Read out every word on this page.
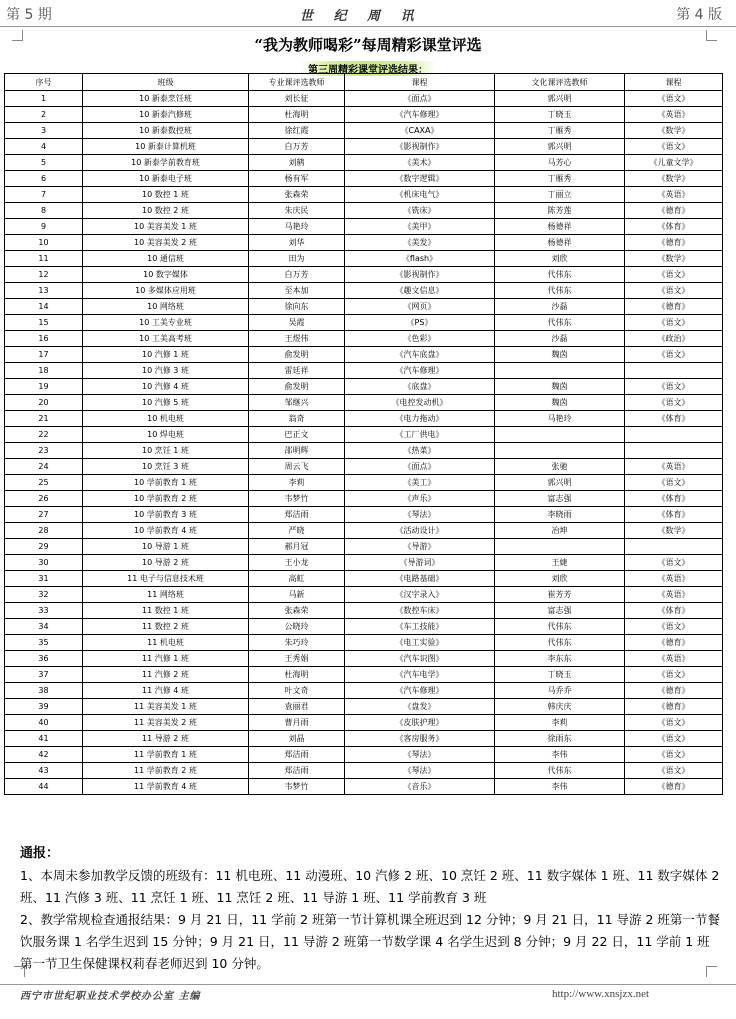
第 5 期	世 纪 周 讯	第 4 版
“我为教师喝彩”每周精彩课堂评选
第三周精彩课堂评选结果：
序号	班级	专业课评选教师	课程	文化课评选教师	课程
1	10 新泰烹饪班	刘长征	《面点》	郭兴明	《语文》
2	10 新泰汽修班	杜海明	《汽车修理》	丁晓玉	《英语》
3	10 新泰数控班	徐红霞	《CAXA》	丁雁秀	《数学》
4	10 新泰计算机班	白万芳	《影视制作》	郭兴明	《语文》
5	10 新泰学前教育班	刘鹤	《美术》	马芳心	《儿童文学》
6	10 新泰电子班	杨有军	《数字逻辑》	丁雁秀	《数学》
7	10 数控 1 班	张森荣	《机床电气》	丁丽立	《英语》
8	10 数控 2 班	朱庆民	《铣床》	陈芳莲	《德育》
9	10 美容美发 1 班	马艳玲	《美甲》	杨德祥	《体育》
10	10 美容美发 2 班	刘华	《美发》	杨德祥	《德育》
11	10 通信班	田为	《flash》	刘欣	《数学》
12	10 数字媒体	白万芳	《影视制作》	代伟东	《语文》
13	10 多媒体应用班	至本加	《趣文信息》	代伟东	《语文》
14	10 网络班	徐向东	《网页》	沙磊	《德育》
15	10 工美专业班	吴霞	《PS》	代伟东	《语文》
16	10 工美高考班	王煜伟	《色彩》	沙磊	《政治》
17	10 汽修 1 班	俞发明	《汽车底盘》	魏茵	《语文》
18	10 汽修 3 班	雷廷祥	《汽车修理》		
19	10 汽修 4 班	俞发明	《底盘》	魏茵	《语文》
20	10 汽修 5 班	邹继兴	《电控发动机》	魏茵	《语文》
21	10 机电班	翁奇	《电力拖动》	马艳玲	《体育》
22	10 焊电班	巴正文	《工厂供电》		
23	10 烹饪 1 班	邵明辉	《热菜》		
24	10 烹饪 3 班	周云飞	《面点》	张驰	《英语》
25	10 学前教育 1 班	李莉	《美工》	郭兴明	《语文》
26	10 学前教育 2 班	韦梦竹	《声乐》	富志强	《体育》
27	10 学前教育 3 班	郑洁雨	《琴法》	李晓雨	《体育》
28	10 学前教育 4 班	严晓	《活动设计》	冶坤	《数学》
29	10 导游 1 班	郝月冠	《导游》		
30	10 导游 2 班	王小龙	《导游词》	王婕	《语文》
31	11 电子与信息技术班	高虹	《电路基础》	刘欣	《英语》
32	11 网络班	马新	《汉字录入》	崔芳芳	《英语》
33	11 数控 1 班	张森荣	《数控车床》	富志强	《体育》
34	11 数控 2 班	公晓玲	《车工技能》	代伟东	《语文》
35	11 机电班	朱巧玲	《电工实验》	代伟东	《德育》
36	11 汽修 1 班	王秀娟	《汽车识图》	李东东	《英语》
37	11 汽修 2 班	杜海明	《汽车电学》	丁晓玉	《语文》
38	11 汽修 4 班	叶文奇	《汽车修理》	马乔乔	《德育》
39	11 美容美发 1 班	袁丽君	《盘发》	韩庆庆	《德育》
40	11 美容美发 2 班	曹月雨	《皮肤护理》	李莉	《语文》
41	11 导游 2 班	刘晶	《客房服务》	徐雨东	《语文》
42	11 学前教育 1 班	郑洁雨	《琴法》	李伟	《语文》
43	11 学前教育 2 班	郑洁雨	《琴法》	代伟东	《语文》
44	11 学前教育 4 班	韦梦竹	《音乐》	李伟	《德育》
通报：

1、本周未参加教学反馈的班级有：11 机电班、11 动漫班、10 汽修 2 班、10 烹饪 2 班、11 数字媒体 1 班、11 数字媒体 2 班、11 汽修 3 班、11 烹饪 1 班、11 烹饪 2 班、11 导游 1 班、11 学前教育 3 班

2、教学常规检查通报结果：9 月 21 日，11 学前 2 班第一节计算机课全班迟到 12 分钟；9 月 21 日，11 导游 2 班第一节餐饮服务课 1 名学生迟到 15 分钟；9 月 21 日，11 导游 2 班第一节数学课 4 名学生迟到 8 分钟；9 月 22 日，11 学前 1 班第一节卫生保健课权莉春老师迟到 10 分钟。

西宁市世纪职业技术学校办公室 主编	http://www.xnsjzx.net
